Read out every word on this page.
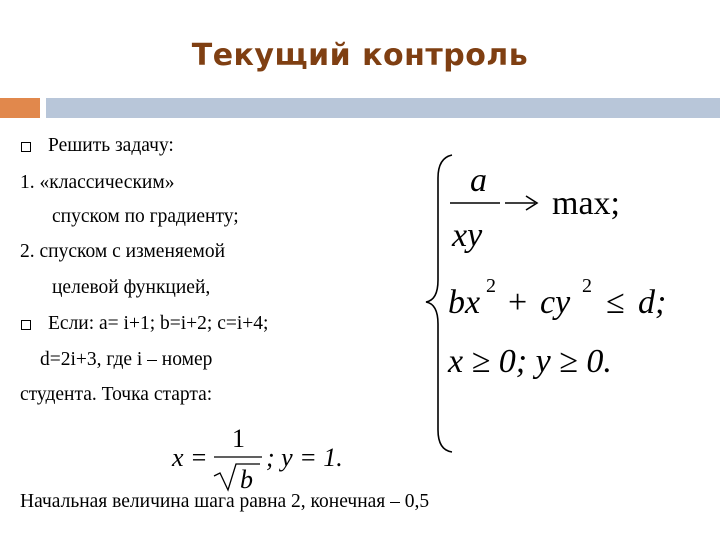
Текущий контроль
Решить задачу:
1. «классическим»
спуском по градиенту;
2. спуском с изменяемой
целевой функцией,
Если: a= i+1; b=i+2; c=i+4;
d=2i+3, где i – номер
студента. Точка старта:
Начальная величина шага равна 2, конечная – 0,5
a
xy
max;
bx 2 + cy 2 ≤ d;
x ≥ 0; y ≥ 0.
x =
1
b
; y = 1.
